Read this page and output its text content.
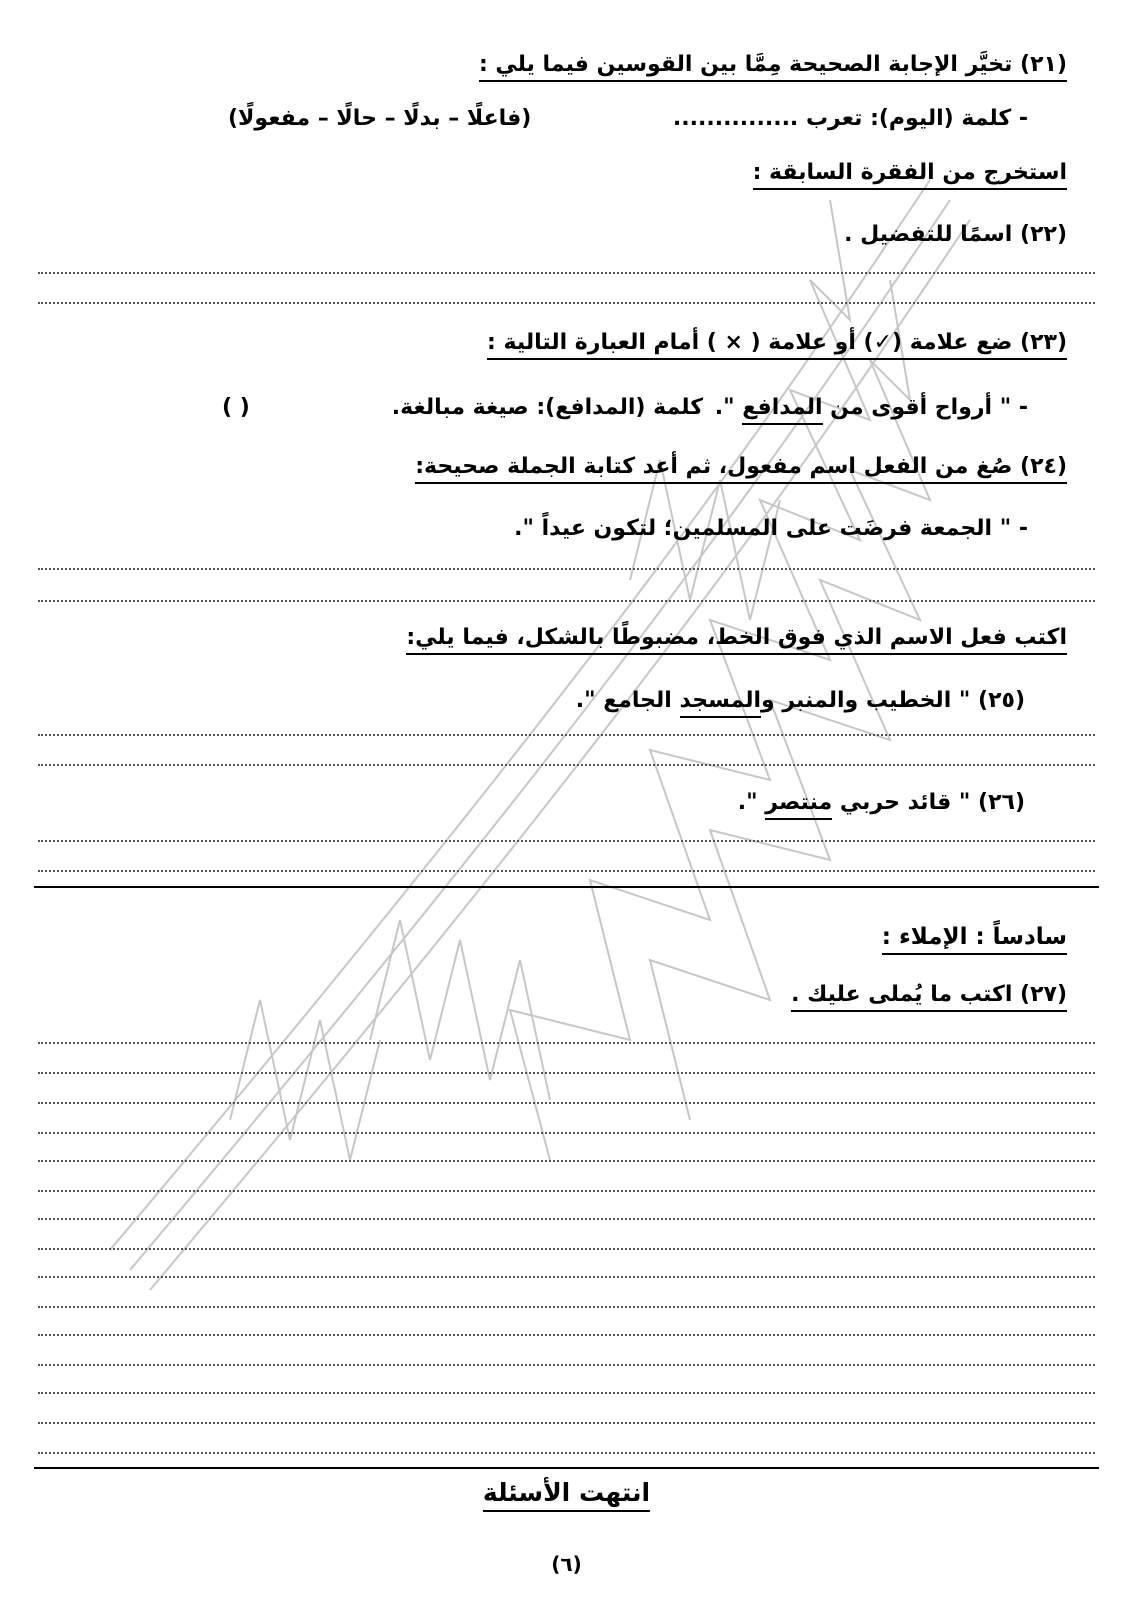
(٢١) تخيَّر الإجابة الصحيحة مِمَّا بين القوسين فيما يلي :
- كلمة (اليوم): تعرب ...............
(فاعلًا – بدلًا – حالًا – مفعولًا)
استخرج من الفقرة السابقة :
(٢٢) اسمًا للتفضيل .
(٢٣) ضع علامة (✓) أو علامة ( × ) أمام العبارة التالية :
- " أرواح أقوى من المدافع ".
كلمة (المدافع): صيغة مبالغة.
( )
(٢٤) صُغ من الفعل اسم مفعول، ثم أعد كتابة الجملة صحيحة:
- " الجمعة فرضَت على المسلمين؛ لتكون عيداً ".
اكتب فعل الاسم الذي فوق الخط، مضبوطًا بالشكل، فيما يلي:
(٢٥) " الخطيب والمنبر والمسجد الجامع ".
(٢٦) " قائد حربي منتصر ".
سادساً : الإملاء :
(٢٧) اكتب ما يُملى عليك .
انتهت الأسئلة
(٦)
